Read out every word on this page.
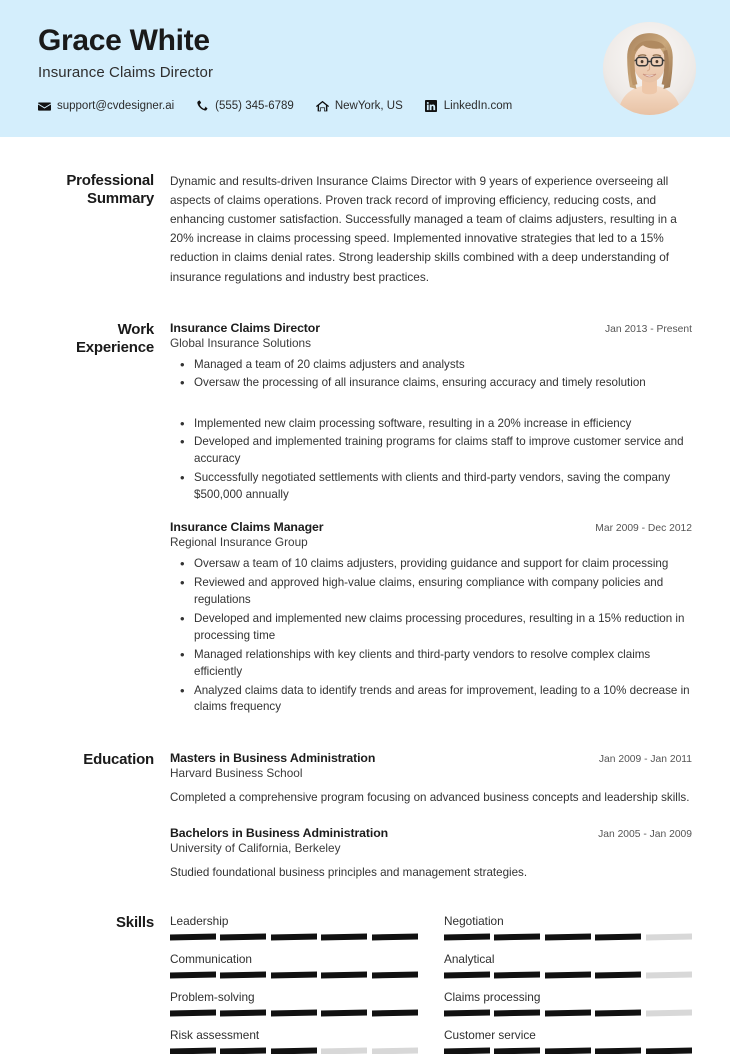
Grace White
Insurance Claims Director
support@cvdesigner.ai	(555) 345-6789	NewYork, US	LinkedIn.com
Professional Summary
Dynamic and results-driven Insurance Claims Director with 9 years of experience overseeing all aspects of claims operations. Proven track record of improving efficiency, reducing costs, and enhancing customer satisfaction. Successfully managed a team of claims adjusters, resulting in a 20% increase in claims processing speed. Implemented innovative strategies that led to a 15% reduction in claims denial rates. Strong leadership skills combined with a deep understanding of insurance regulations and industry best practices.
Work Experience
Insurance Claims Director	Jan 2013 - Present
Global Insurance Solutions
• Managed a team of 20 claims adjusters and analysts
• Oversaw the processing of all insurance claims, ensuring accuracy and timely resolution
• Implemented new claim processing software, resulting in a 20% increase in efficiency
• Developed and implemented training programs for claims staff to improve customer service and accuracy
• Successfully negotiated settlements with clients and third-party vendors, saving the company $500,000 annually
Insurance Claims Manager	Mar 2009 - Dec 2012
Regional Insurance Group
• Oversaw a team of 10 claims adjusters, providing guidance and support for claim processing
• Reviewed and approved high-value claims, ensuring compliance with company policies and regulations
• Developed and implemented new claims processing procedures, resulting in a 15% reduction in processing time
• Managed relationships with key clients and third-party vendors to resolve complex claims efficiently
• Analyzed claims data to identify trends and areas for improvement, leading to a 10% decrease in claims frequency
Education	Masters in Business Administration	Jan 2009 - Jan 2011
Harvard Business School
Completed a comprehensive program focusing on advanced business concepts and leadership skills.
Bachelors in Business Administration	Jan 2005 - Jan 2009
University of California, Berkeley
Studied foundational business principles and management strategies.
Skills	Leadership	Negotiation
Communication	Analytical
Problem-solving	Claims processing
Risk assessment	Customer service
